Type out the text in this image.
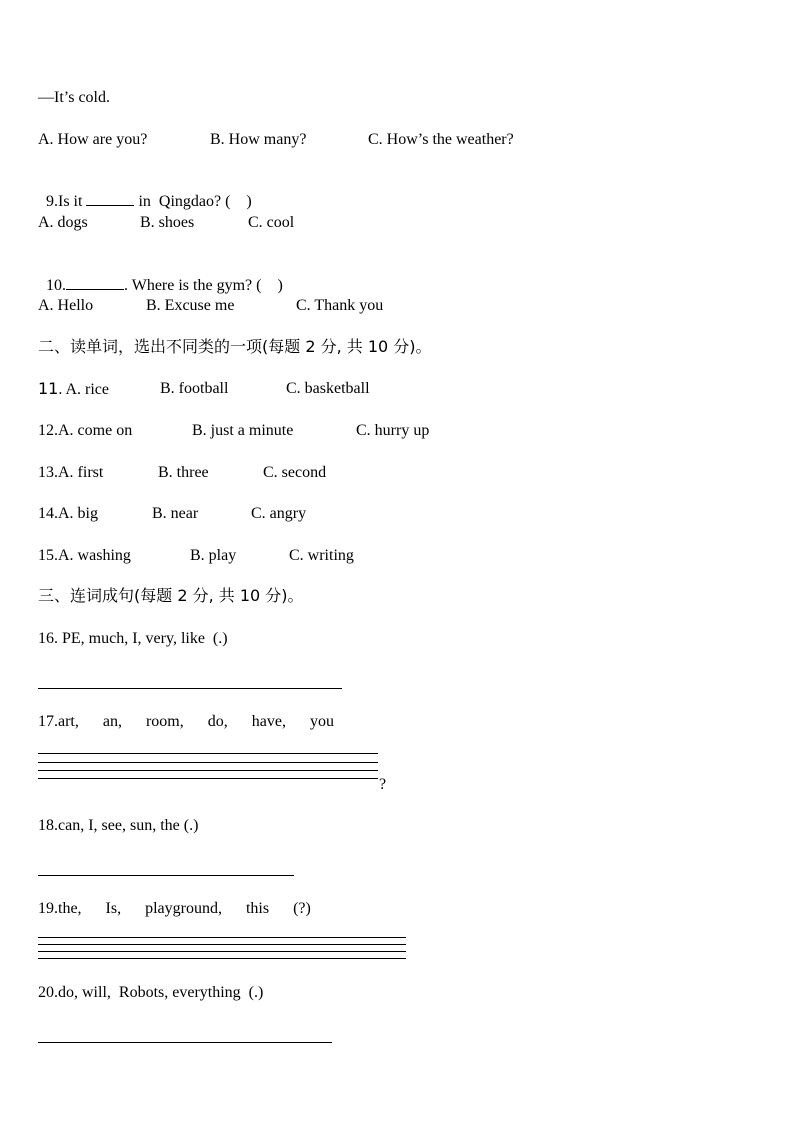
—It’s cold.
A. How are you?	B. How many?	C. How’s the weather?

9.Is it	in  Qingdao? (    )

A. dogs	B. shoes	C. cool

10.	. Where is the gym? (    )

A. Hello	B. Excuse me	C. Thank you
二、读单词，选出不同类的一项(每题 2 分, 共 10 分)。
11. A. rice	B. football	C. basketball
12.A. come on	B. just a minute	C. hurry up
13.A. first	B. three	C. second
14.A. big	B. near	C. angry
15.A. washing	B. play	C. writing
三、连词成句(每题 2 分, 共 10 分)。
16. PE, much, I, very, like  (.)
17.art,      an,      room,      do,      have,      you
?
18.can, I, see, sun, the (.)
19.the,      Is,      playground,      this      (?)
20.do, will,  Robots, everything  (.)
